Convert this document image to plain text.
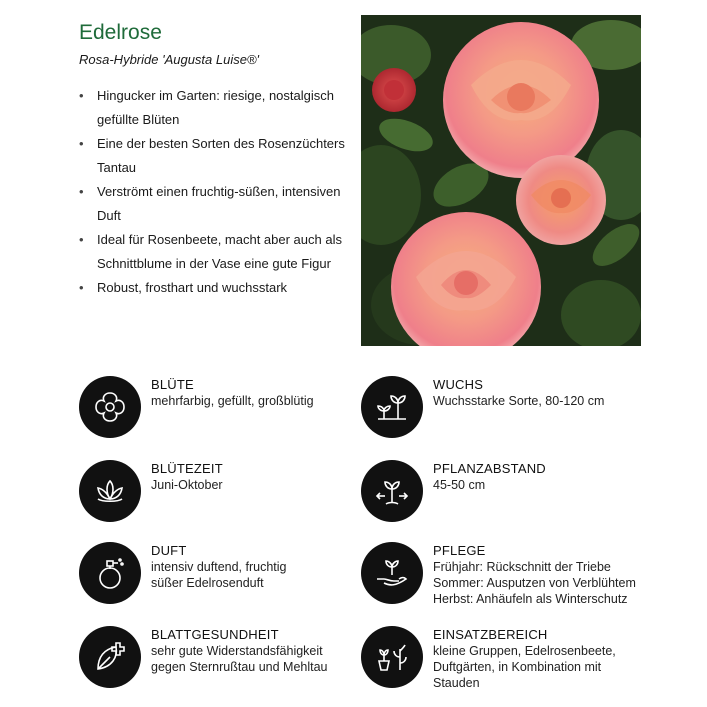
Edelrose
Rosa-Hybride 'Augusta Luise®'
• Hingucker im Garten: riesige, nostalgisch gefüllte Blüten
• Eine der besten Sorten des Rosenzüchters Tantau
• Verströmt einen fruchtig-süßen, intensiven Duft
• Ideal für Rosenbeete, macht aber auch als Schnittblume in der Vase eine gute Figur
• Robust, frosthart und wuchsstark
BLÜTE
mehrfarbig, gefüllt, großblütig
WUCHS
Wuchsstarke Sorte, 80-120 cm
BLÜTEZEIT
Juni-Oktober
PFLANZABSTAND
45-50 cm
DUFT
intensiv duftend, fruchtig
süßer Edelrosenduft
PFLEGE
Frühjahr: Rückschnitt der Triebe
Sommer: Ausputzen von Verblühtem
Herbst: Anhäufeln als Winterschutz
BLATTGESUNDHEIT
sehr gute Widerstandsfähigkeit
gegen Sternrußtau und Mehltau
EINSATZBEREICH
kleine Gruppen, Edelrosenbeete,
Duftgärten, in Kombination mit
Stauden
